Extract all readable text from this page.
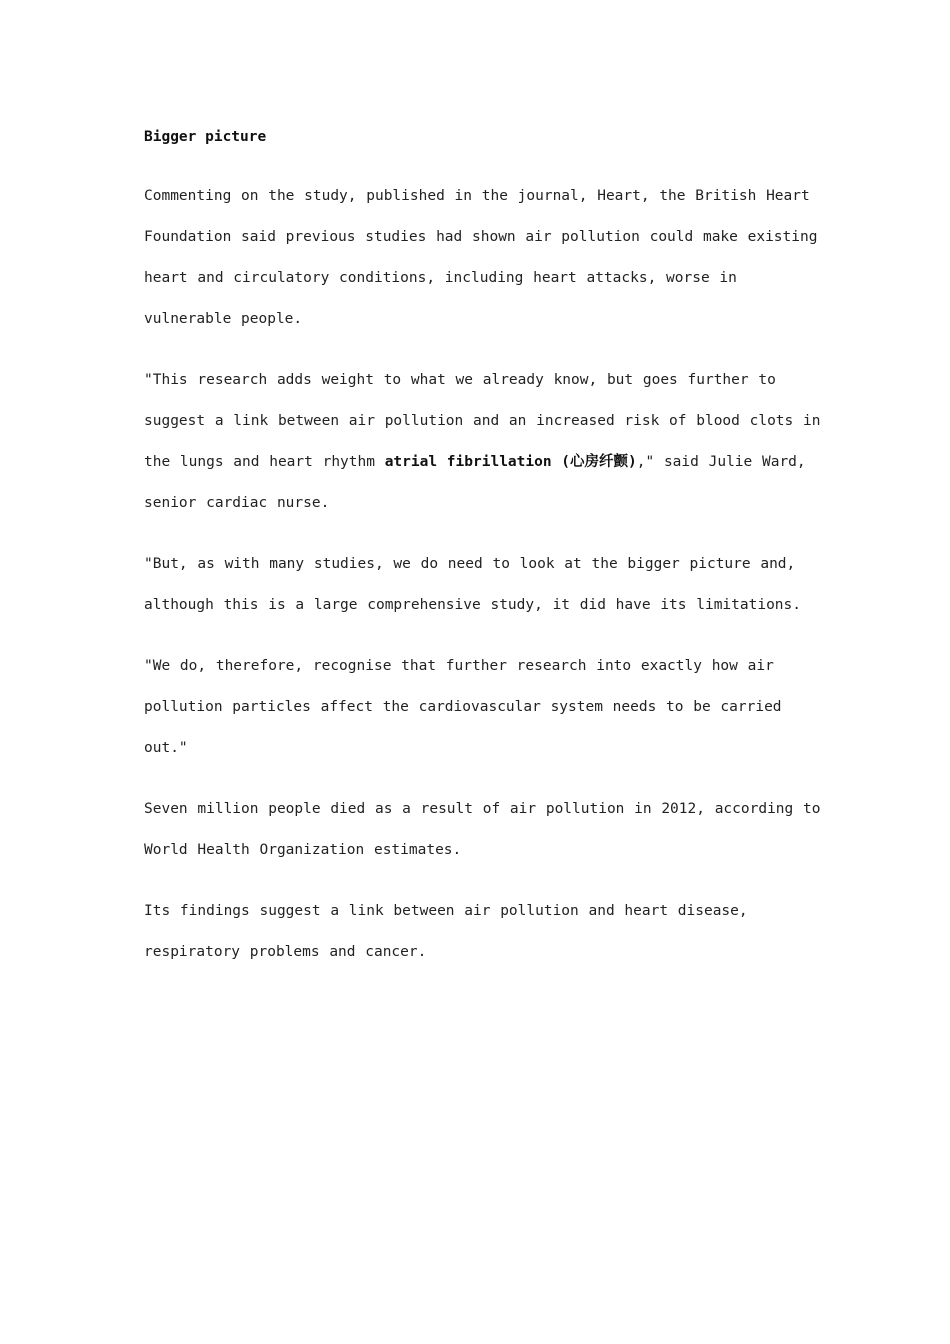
Bigger picture

Commenting on the study, published in the journal, Heart, the British Heart Foundation said previous studies had shown air pollution could make existing heart and circulatory conditions, including heart attacks, worse in vulnerable people.

"This research adds weight to what we already know, but goes further to suggest a link between air pollution and an increased risk of blood clots in the lungs and heart rhythm atrial fibrillation (心房纤颤)," said Julie Ward, senior cardiac nurse.

"But, as with many studies, we do need to look at the bigger picture and, although this is a large comprehensive study, it did have its limitations.

"We do, therefore, recognise that further research into exactly how air pollution particles affect the cardiovascular system needs to be carried out."

Seven million people died as a result of air pollution in 2012, according to World Health Organization estimates.

Its findings suggest a link between air pollution and heart disease, respiratory problems and cancer.
